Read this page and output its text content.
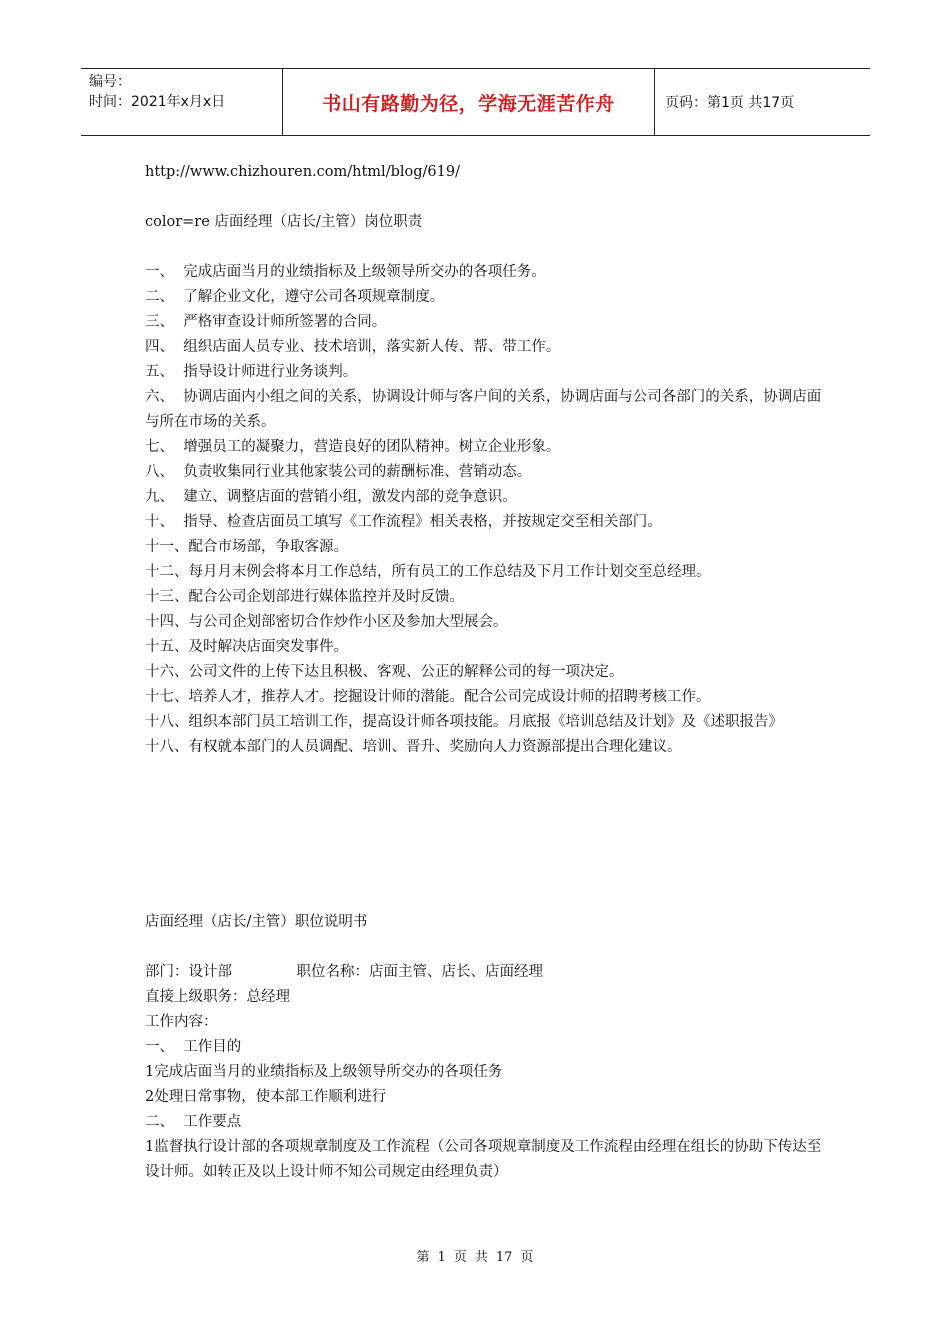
编号：
时间：2021年x月x日	书山有路勤为径，学海无涯苦作舟	页码：第1页 共17页

http://www.chizhouren.com/html/blog/619/

color=re 店面经理（店长/主管）岗位职责

一、  完成店面当月的业绩指标及上级领导所交办的各项任务。

二、  了解企业文化，遵守公司各项规章制度。

三、  严格审查设计师所签署的合同。

四、  组织店面人员专业、技术培训，落实新人传、帮、带工作。

五、  指导设计师进行业务谈判。

六、  协调店面内小组之间的关系，协调设计师与客户间的关系，协调店面与公司各部门的关系，协调店面与所在市场的关系。

七、  增强员工的凝聚力，营造良好的团队精神。树立企业形象。

八、  负责收集同行业其他家装公司的薪酬标准、营销动态。

九、  建立、调整店面的营销小组，激发内部的竞争意识。

十、  指导、检查店面员工填写《工作流程》相关表格，并按规定交至相关部门。

十一、配合市场部，争取客源。

十二、每月月末例会将本月工作总结，所有员工的工作总结及下月工作计划交至总经理。

十三、配合公司企划部进行媒体监控并及时反馈。

十四、与公司企划部密切合作炒作小区及参加大型展会。

十五、及时解决店面突发事件。

十六、公司文件的上传下达且积极、客观、公正的解释公司的每一项决定。

十七、培养人才，推荐人才。挖掘设计师的潜能。配合公司完成设计师的招聘考核工作。

十八、组织本部门员工培训工作，提高设计师各项技能。月底报《培训总结及计划》及《述职报告》

十八、有权就本部门的人员调配、培训、晋升、奖励向人力资源部提出合理化建议。

店面经理（店长/主管）职位说明书

部门：设计部              职位名称：店面主管、店长、店面经理

直接上级职务：总经理

工作内容：

一、  工作目的

1完成店面当月的业绩指标及上级领导所交办的各项任务

2处理日常事物，使本部工作顺利进行

二、  工作要点

1监督执行设计部的各项规章制度及工作流程（公司各项规章制度及工作流程由经理在组长的协助下传达至设计师。如转正及以上设计师不知公司规定由经理负责）

第 1 页 共 17 页
